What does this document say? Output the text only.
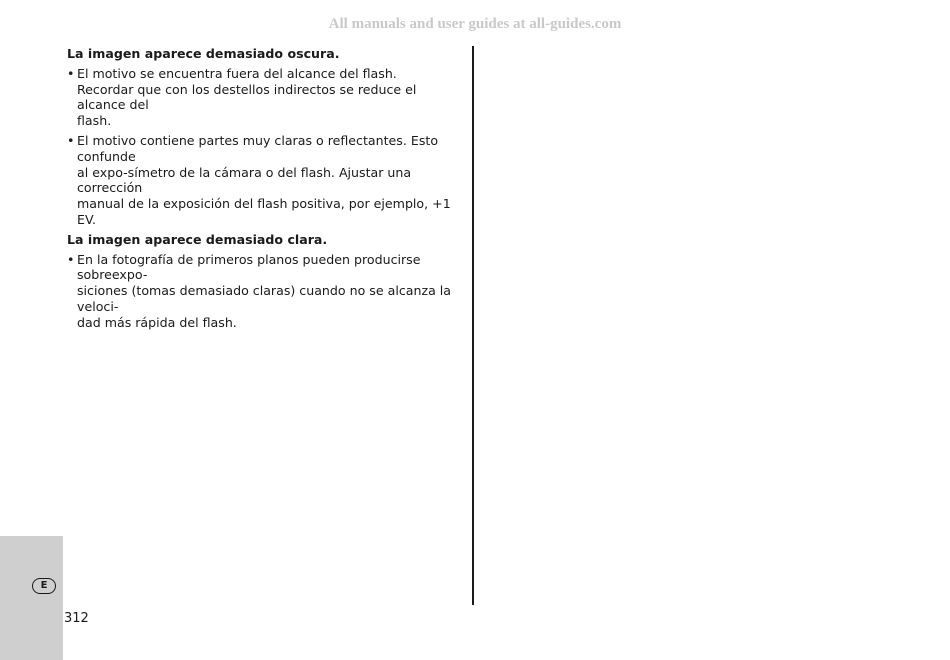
All manuals and user guides at all-guides.com

La imagen aparece demasiado oscura.

• El motivo se encuentra fuera del alcance del flash.
Recordar que con los destellos indirectos se reduce el alcance del
flash.
• El motivo contiene partes muy claras o reflectantes. Esto confunde
al expo-símetro de la cámara o del flash. Ajustar una corrección
manual de la exposición del flash positiva, por ejemplo, +1 EV.

La imagen aparece demasiado clara.

• En la fotografía de primeros planos pueden producirse sobreexpo-
siciones (tomas demasiado claras) cuando no se alcanza la veloci-
dad más rápida del flash.
E
312
